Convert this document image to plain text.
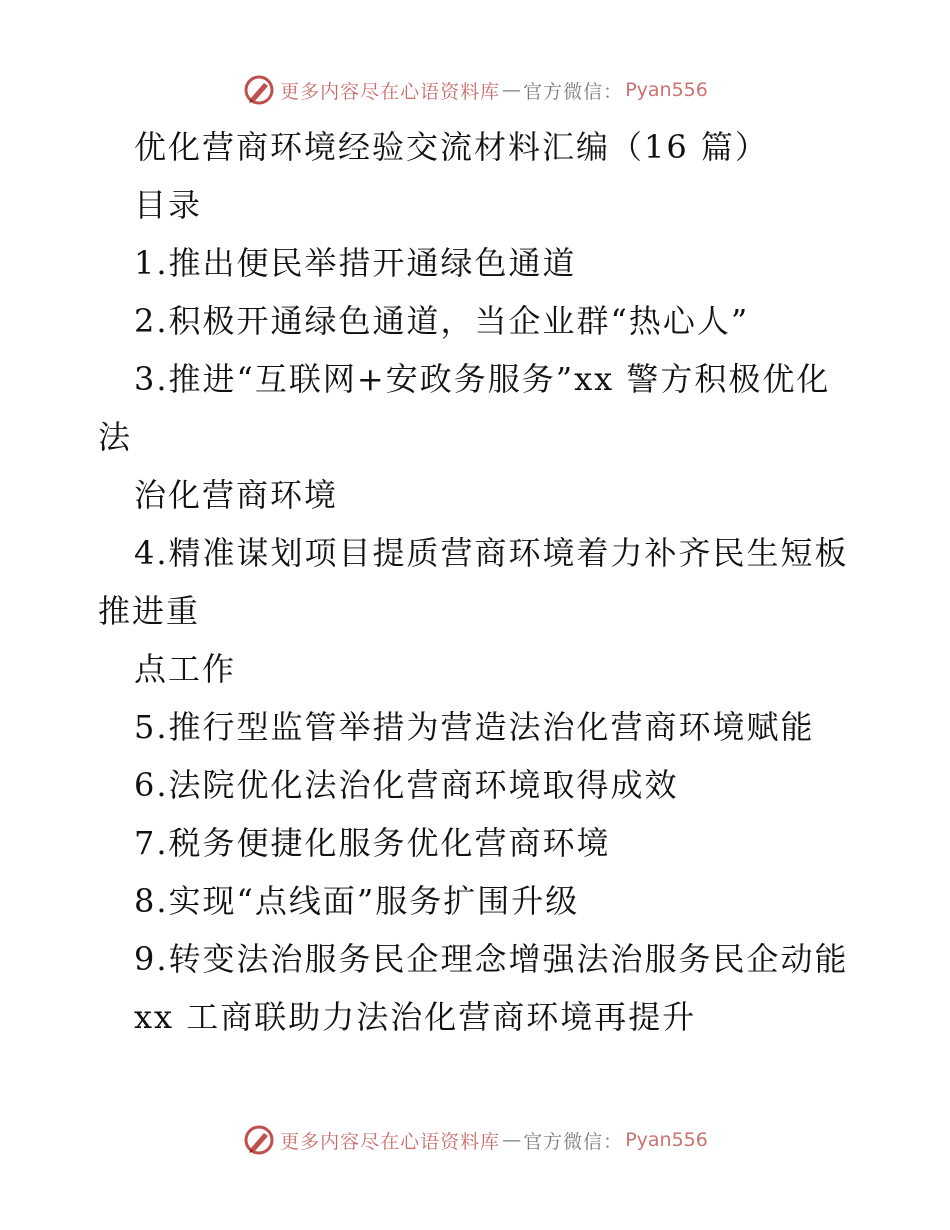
更多内容尽在心语资料库 — 官方微信： Pyan556
优化营商环境经验交流材料汇编（16 篇）
目录
1.推出便民举措开通绿色通道
2.积极开通绿色通道，当企业群“热心人”
3.推进“互联网+安政务服务”xx 警方积极优化
法
治化营商环境
4.精准谋划项目提质营商环境着力补齐民生短板
推进重
点工作
5.推行型监管举措为营造法治化营商环境赋能
6.法院优化法治化营商环境取得成效
7.税务便捷化服务优化营商环境
8.实现“点线面”服务扩围升级
9.转变法治服务民企理念增强法治服务民企动能
xx 工商联助力法治化营商环境再提升
更多内容尽在心语资料库 — 官方微信： Pyan556
